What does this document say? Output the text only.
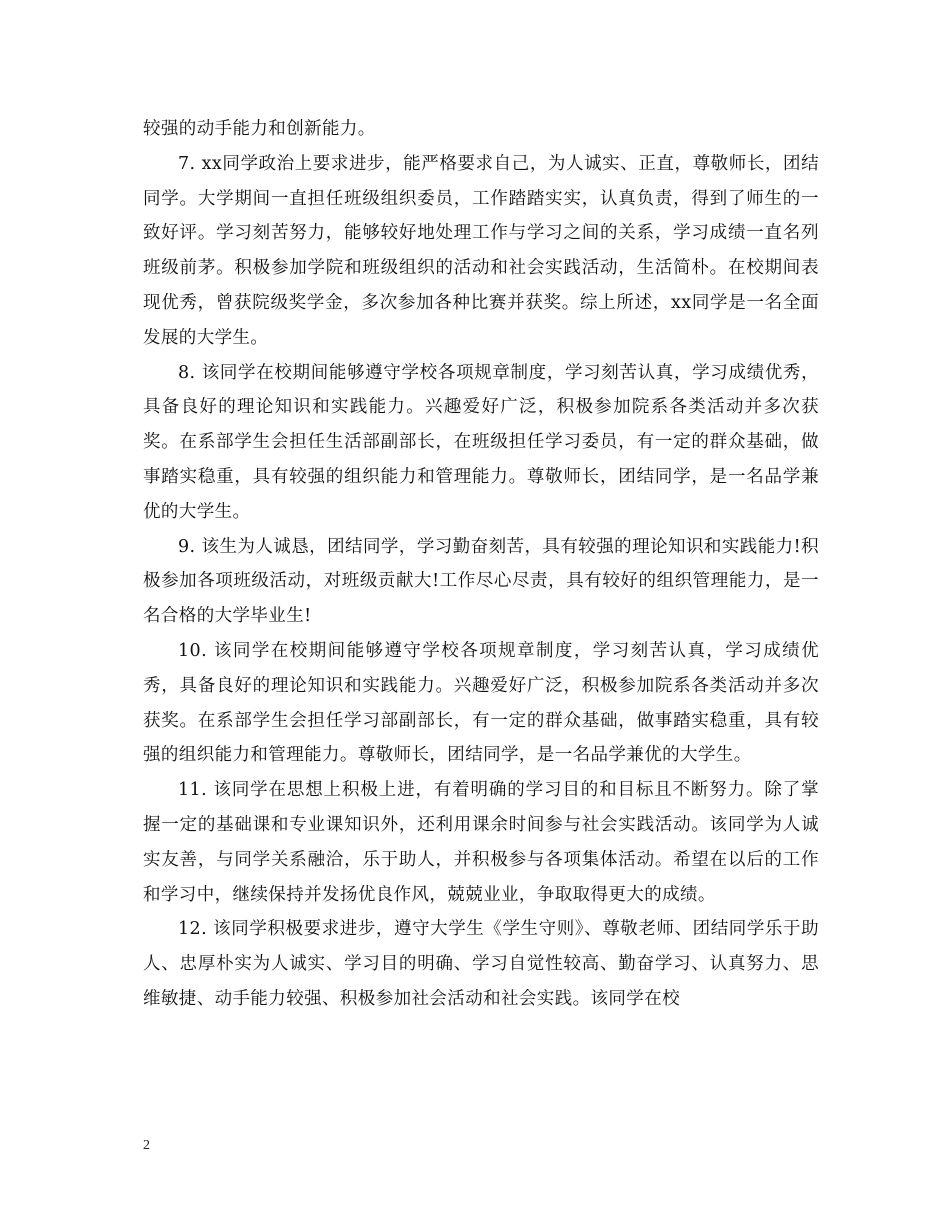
较强的动手能力和创新能力。

7. xx同学政治上要求进步，能严格要求自己，为人诚实、正直，尊敬师长，团结同学。大学期间一直担任班级组织委员，工作踏踏实实，认真负责，得到了师生的一致好评。学习刻苦努力，能够较好地处理工作与学习之间的关系，学习成绩一直名列班级前茅。积极参加学院和班级组织的活动和社会实践活动，生活简朴。在校期间表现优秀，曾获院级奖学金，多次参加各种比赛并获奖。综上所述，xx同学是一名全面发展的大学生。

8. 该同学在校期间能够遵守学校各项规章制度，学习刻苦认真，学习成绩优秀，具备良好的理论知识和实践能力。兴趣爱好广泛，积极参加院系各类活动并多次获奖。在系部学生会担任生活部副部长，在班级担任学习委员，有一定的群众基础，做事踏实稳重，具有较强的组织能力和管理能力。尊敬师长，团结同学，是一名品学兼优的大学生。

9. 该生为人诚恳，团结同学，学习勤奋刻苦，具有较强的理论知识和实践能力!积极参加各项班级活动，对班级贡献大!工作尽心尽责，具有较好的组织管理能力，是一名合格的大学毕业生!

10. 该同学在校期间能够遵守学校各项规章制度，学习刻苦认真，学习成绩优秀，具备良好的理论知识和实践能力。兴趣爱好广泛，积极参加院系各类活动并多次获奖。在系部学生会担任学习部副部长，有一定的群众基础，做事踏实稳重，具有较强的组织能力和管理能力。尊敬师长，团结同学，是一名品学兼优的大学生。

11. 该同学在思想上积极上进，有着明确的学习目的和目标且不断努力。除了掌握一定的基础课和专业课知识外，还利用课余时间参与社会实践活动。该同学为人诚实友善，与同学关系融洽，乐于助人，并积极参与各项集体活动。希望在以后的工作和学习中，继续保持并发扬优良作风，兢兢业业，争取取得更大的成绩。

12. 该同学积极要求进步，遵守大学生《学生守则》、尊敬老师、团结同学乐于助人、忠厚朴实为人诚实、学习目的明确、学习自觉性较高、勤奋学习、认真努力、思维敏捷、动手能力较强、积极参加社会活动和社会实践。该同学在校

2
